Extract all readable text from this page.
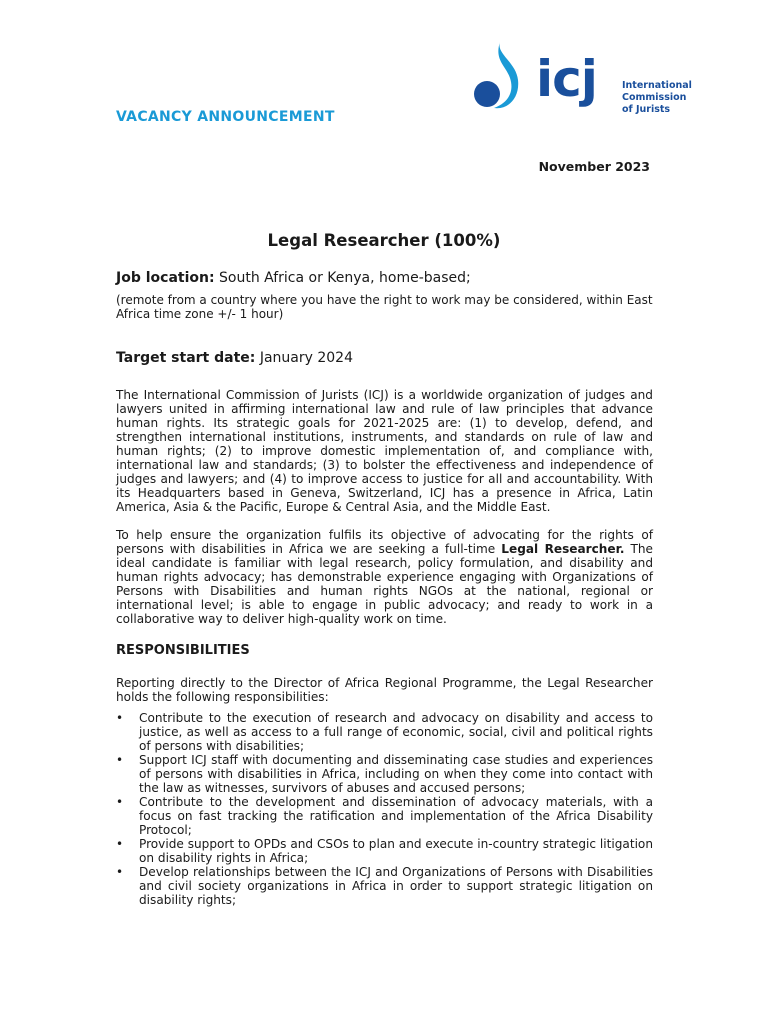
icj	International
Commission
of Jurists
VACANCY ANNOUNCEMENT
November 2023
Legal Researcher (100%)
Job location: South Africa or Kenya, home-based;
(remote from a country where you have the right to work may be considered, within East Africa time zone +/- 1 hour)
Target start date: January 2024
The International Commission of Jurists (ICJ) is a worldwide organization of judges and lawyers united in affirming international law and rule of law principles that advance human rights. Its strategic goals for 2021-2025 are: (1) to develop, defend, and strengthen international institutions, instruments, and standards on rule of law and human rights; (2) to improve domestic implementation of, and compliance with, international law and standards; (3) to bolster the effectiveness and independence of judges and lawyers; and (4) to improve access to justice for all and accountability. With its Headquarters based in Geneva, Switzerland, ICJ has a presence in Africa, Latin America, Asia & the Pacific, Europe & Central Asia, and the Middle East.
To help ensure the organization fulfils its objective of advocating for the rights of persons with disabilities in Africa we are seeking a full-time Legal Researcher. The ideal candidate is familiar with legal research, policy formulation, and disability and human rights advocacy; has demonstrable experience engaging with Organizations of Persons with Disabilities and human rights NGOs at the national, regional or international level; is able to engage in public advocacy; and ready to work in a collaborative way to deliver high-quality work on time.
RESPONSIBILITIES
Reporting directly to the Director of Africa Regional Programme, the Legal Researcher holds the following responsibilities:
• Contribute to the execution of research and advocacy on disability and access to justice, as well as access to a full range of economic, social, civil and political rights of persons with disabilities;
• Support ICJ staff with documenting and disseminating case studies and experiences of persons with disabilities in Africa, including on when they come into contact with the law as witnesses, survivors of abuses and accused persons;
• Contribute to the development and dissemination of advocacy materials, with a focus on fast tracking the ratification and implementation of the Africa Disability Protocol;
• Provide support to OPDs and CSOs to plan and execute in-country strategic litigation on disability rights in Africa;
• Develop relationships between the ICJ and Organizations of Persons with Disabilities and civil society organizations in Africa in order to support strategic litigation on disability rights;
